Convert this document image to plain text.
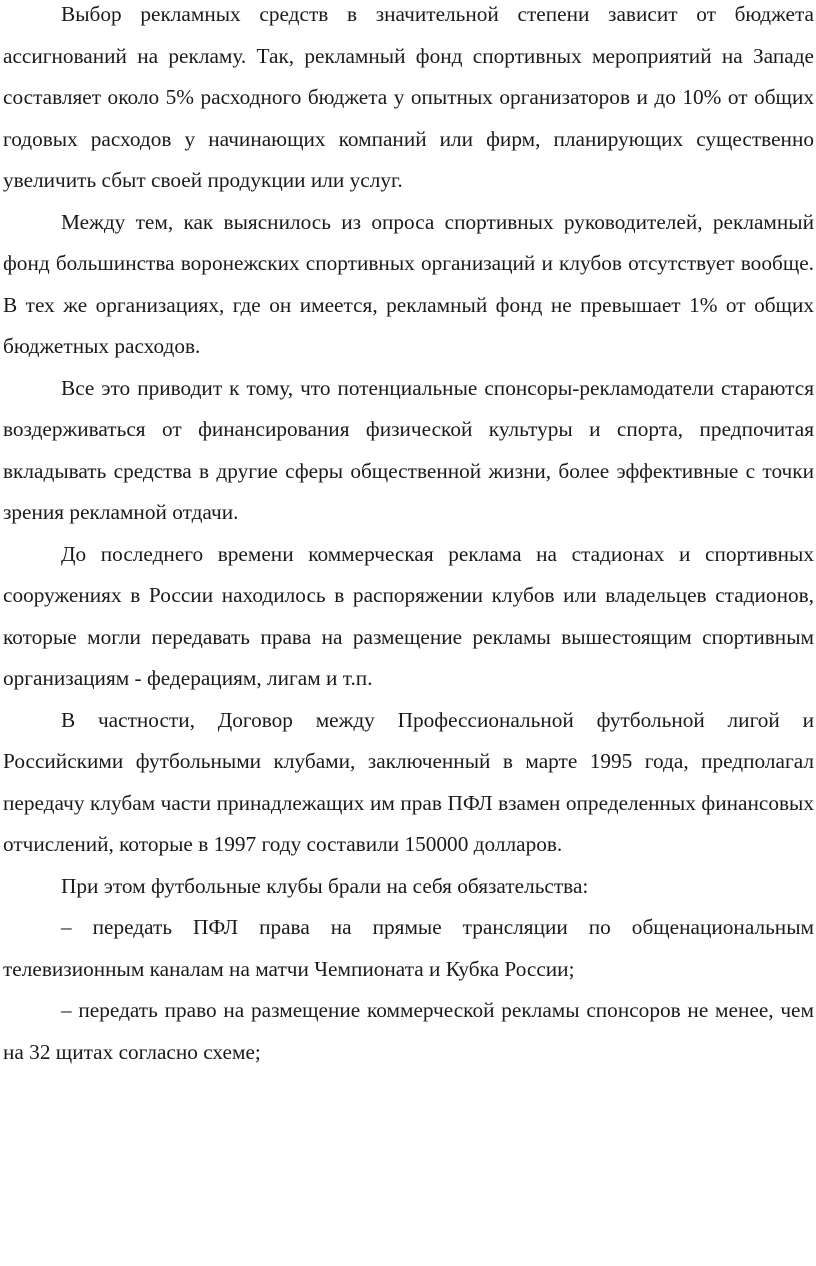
Выбор рекламных средств в значительной степени зависит от бюджета ассигнований на рекламу. Так, рекламный фонд спортивных мероприятий на Западе составляет около 5% расходного бюджета у опытных организаторов и до 10% от общих годовых расходов у начинающих компаний или фирм, планирующих существенно увеличить сбыт своей продукции или услуг.

Между тем, как выяснилось из опроса спортивных руководителей, рекламный фонд большинства воронежских спортивных организаций и клубов отсутствует вообще. В тех же организациях, где он имеется, рекламный фонд не превышает 1% от общих бюджетных расходов.

Все это приводит к тому, что потенциальные спонсоры-рекламодатели стараются воздерживаться от финансирования физической культуры и спорта, предпочитая вкладывать средства в другие сферы общественной жизни, более эффективные с точки зрения рекламной отдачи.

До последнего времени коммерческая реклама на стадионах и спортивных сооружениях в России находилось в распоряжении клубов или владельцев стадионов, которые могли передавать права на размещение рекламы вышестоящим спортивным организациям - федерациям, лигам и т.п.

В частности, Договор между Профессиональной футбольной лигой и Российскими футбольными клубами, заключенный в марте 1995 года, предполагал передачу клубам части принадлежащих им прав ПФЛ взамен определенных финансовых отчислений, которые в 1997 году составили 150000 долларов.

При этом футбольные клубы брали на себя обязательства:

– передать ПФЛ права на прямые трансляции по общенациональным телевизионным каналам на матчи Чемпионата и Кубка России;

– передать право на размещение коммерческой рекламы спонсоров не менее, чем на 32 щитах согласно схеме;
